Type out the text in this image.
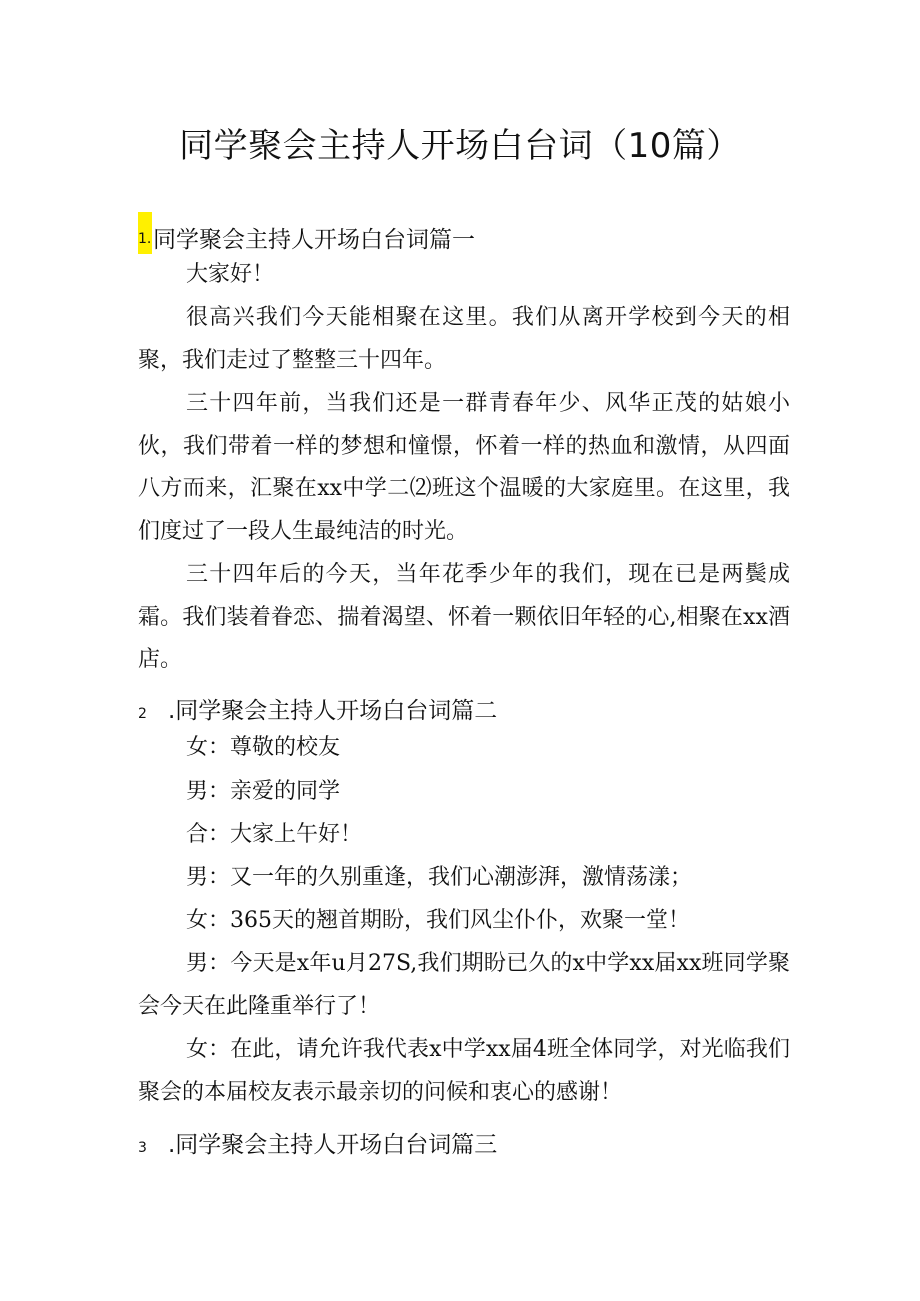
同学聚会主持人开场白台词（10篇）
1.同学聚会主持人开场白台词篇一

大家好！

很高兴我们今天能相聚在这里。我们从离开学校到今天的相聚，我们走过了整整三十四年。

三十四年前，当我们还是一群青春年少、风华正茂的姑娘小伙，我们带着一样的梦想和憧憬，怀着一样的热血和激情，从四面八方而来，汇聚在xx中学二⑵班这个温暖的大家庭里。在这里，我们度过了一段人生最纯洁的时光。

三十四年后的今天，当年花季少年的我们，现在已是两鬓成霜。我们装着眷恋、揣着渴望、怀着一颗依旧年轻的心,相聚在xx酒店。

2 .同学聚会主持人开场白台词篇二

女：尊敬的校友

男：亲爱的同学

合：大家上午好！

男：又一年的久别重逢，我们心潮澎湃，激情荡漾；

女：365天的翘首期盼，我们风尘仆仆，欢聚一堂！

男：今天是x年u月27S,我们期盼已久的x中学xx届xx班同学聚会今天在此隆重举行了！

女：在此，请允许我代表x中学xx届4班全体同学，对光临我们聚会的本届校友表示最亲切的问候和衷心的感谢！

3 .同学聚会主持人开场白台词篇三
